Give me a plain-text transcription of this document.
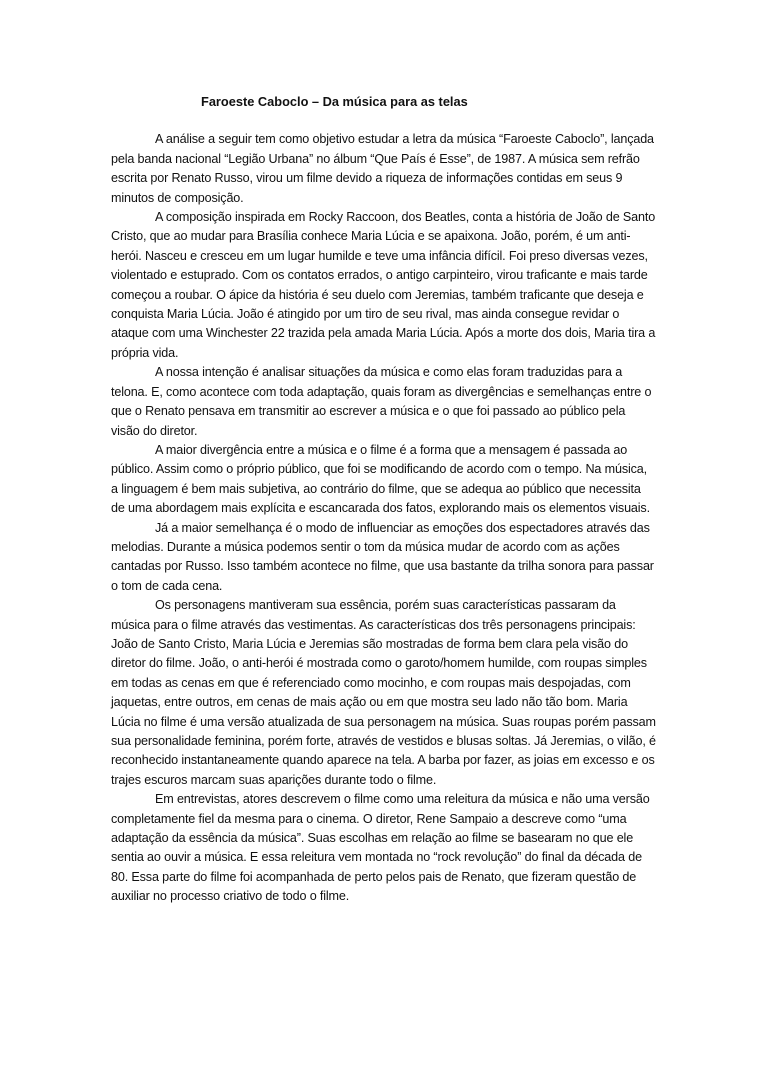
Faroeste Caboclo – Da música para as telas

A análise a seguir tem como objetivo estudar a letra da música “Faroeste Caboclo”, lançada pela banda nacional “Legião Urbana” no álbum “Que País é Esse”, de 1987. A música sem refrão escrita por Renato Russo, virou um filme devido a riqueza de informações contidas em seus 9 minutos de composição.

A composição inspirada em Rocky Raccoon, dos Beatles, conta a história de João de Santo Cristo, que ao mudar para Brasília conhece Maria Lúcia e se apaixona. João, porém, é um anti-herói. Nasceu e cresceu em um lugar humilde e teve uma infância difícil. Foi preso diversas vezes, violentado e estuprado. Com os contatos errados, o antigo carpinteiro, virou traficante e mais tarde começou a roubar. O ápice da história é seu duelo com Jeremias, também traficante que deseja e conquista Maria Lúcia. João é atingido por um tiro de seu rival, mas ainda consegue revidar o ataque com uma Winchester 22 trazida pela amada Maria Lúcia. Após a morte dos dois, Maria tira a própria vida.

A nossa intenção é analisar situações da música e como elas foram traduzidas para a telona. E, como acontece com toda adaptação, quais foram as divergências e semelhanças entre o que o Renato pensava em transmitir ao escrever a música e o que foi passado ao público pela visão do diretor.

A maior divergência entre a música e o filme é a forma que a mensagem é passada ao público. Assim como o próprio público, que foi se modificando de acordo com o tempo. Na música, a linguagem é bem mais subjetiva, ao contrário do filme, que se adequa ao público que necessita de uma abordagem mais explícita e escancarada dos fatos, explorando mais os elementos visuais.

Já a maior semelhança é o modo de influenciar as emoções dos espectadores através das melodias. Durante a música podemos sentir o tom da música mudar de acordo com as ações cantadas por Russo. Isso também acontece no filme, que usa bastante da trilha sonora para passar o tom de cada cena.

Os personagens mantiveram sua essência, porém suas características passaram da música para o filme através das vestimentas. As características dos três personagens principais: João de Santo Cristo, Maria Lúcia e Jeremias são mostradas de forma bem clara pela visão do diretor do filme. João, o anti-herói é mostrada como o garoto/homem humilde, com roupas simples em todas as cenas em que é referenciado como mocinho, e com roupas mais despojadas, com jaquetas, entre outros, em cenas de mais ação ou em que mostra seu lado não tão bom. Maria Lúcia no filme é uma versão atualizada de sua personagem na música. Suas roupas porém passam sua personalidade feminina, porém forte, através de vestidos e blusas soltas. Já Jeremias, o vilão, é reconhecido instantaneamente quando aparece na tela. A barba por fazer, as joias em excesso e os trajes escuros marcam suas aparições durante todo o filme.

Em entrevistas, atores descrevem o filme como uma releitura da música e não uma versão completamente fiel da mesma para o cinema. O diretor, Rene Sampaio a descreve como “uma adaptação da essência da música”. Suas escolhas em relação ao filme se basearam no que ele sentia ao ouvir a música. E essa releitura vem montada no “rock revolução” do final da década de 80. Essa parte do filme foi acompanhada de perto pelos pais de Renato, que fizeram questão de auxiliar no processo criativo de todo o filme.
